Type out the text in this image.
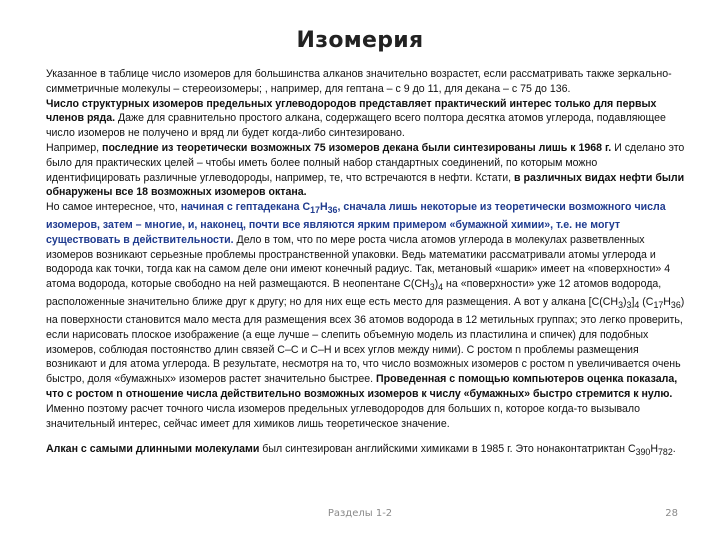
Изомерия

Указанное в таблице число изомеров для большинства алканов значительно возрастет, если рассматривать также зеркально-симметричные молекулы – стереоизомеры; , например, для гептана – с 9 до 11, для декана – с 75 до 136.

Число структурных изомеров предельных углеводородов представляет практический интерес только для первых членов ряда. Даже для сравнительно простого алкана, содержащего всего полтора десятка атомов углерода, подавляющее число изомеров не получено и вряд ли будет когда-либо синтезировано.

Например, последние из теоретически возможных 75 изомеров декана были синтезированы лишь к 1968 г. И сделано это было для практических целей – чтобы иметь более полный набор стандартных соединений, по которым можно идентифицировать различные углеводороды, например, те, что встречаются в нефти. Кстати, в различных видах нефти были обнаружены все 18 возможных изомеров октана.

Но самое интересное, что, начиная с гептадекана $С_{17}Н_{36}$, сначала лишь некоторые из теоретически возможного числа изомеров, затем – многие, и, наконец, почти все являются ярким примером «бумажной химии», т.е. не могут существовать в действительности. Дело в том, что по мере роста числа атомов углерода в молекулах разветвленных изомеров возникают серьезные проблемы пространственной упаковки. Ведь математики рассматривали атомы углерода и водорода как точки, тогда как на самом деле они имеют конечный радиус. Так, метановый «шарик» имеет на «поверхности» 4 атома водорода, которые свободно на ней размещаются. В неопентане $С(СН_3)_4$ на «поверхности» уже 12 атомов водорода, расположенные значительно ближе друг к другу; но для них еще есть место для размещения. А вот у алкана $[С(СН_3)_3]_4$ $(С_{17}Н_{36})$ на поверхности становится мало места для размещения всех 36 атомов водорода в 12 метильных группах; это легко проверить, если нарисовать плоское изображение (а еще лучше – слепить объемную модель из пластилина и спичек) для подобных изомеров, соблюдая постоянство длин связей С–С и С–Н и всех углов между ними). С ростом n проблемы размещения возникают и для атома углерода. В результате, несмотря на то, что число возможных изомеров с ростом n увеличивается очень быстро, доля «бумажных» изомеров растет значительно быстрее. Проведенная с помощью компьютеров оценка показала, что с ростом n отношение числа действительно возможных изомеров к числу «бумажных» быстро стремится к нулю. Именно поэтому расчет точного числа изомеров предельных углеводородов для больших n, которое когда-то вызывало значительный интерес, сейчас имеет для химиков лишь теоретическое значение.

Алкан с самыми длинными молекулами был синтезирован английскими химиками в 1985 г. Это нонаконтатриктан $С_{390}Н_{782}$.

Разделы 1-2	28
